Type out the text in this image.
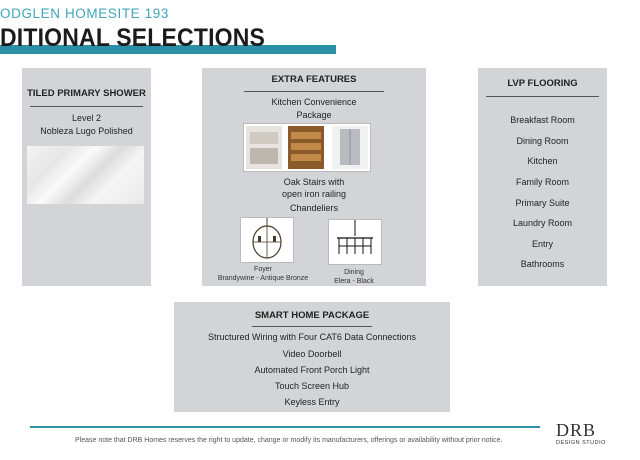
ODGLEN HOMESITE 193
DITIONAL SELECTIONS
TILED PRIMARY SHOWER
Level 2
Nobleza Lugo Polished
EXTRA FEATURES
Kitchen Convenience
Package
Oak Stairs with
open iron railing
Chandeliers
Foyer
Brandywine - Antique Bronze
Dining
Elera - Black
LVP FLOORING
Breakfast Room
Dining Room
Kitchen
Family Room
Primary Suite
Laundry Room
Entry
Bathrooms
SMART HOME PACKAGE
Structured Wiring with Four CAT6 Data Connections
Video Doorbell
Automated Front Porch Light
Touch Screen Hub
Keyless Entry
Please note that DRB Homes reserves the right to update, change or modify its manufacturers, offerings or availability without prior notice.
DRB
DESIGN STUDIO
